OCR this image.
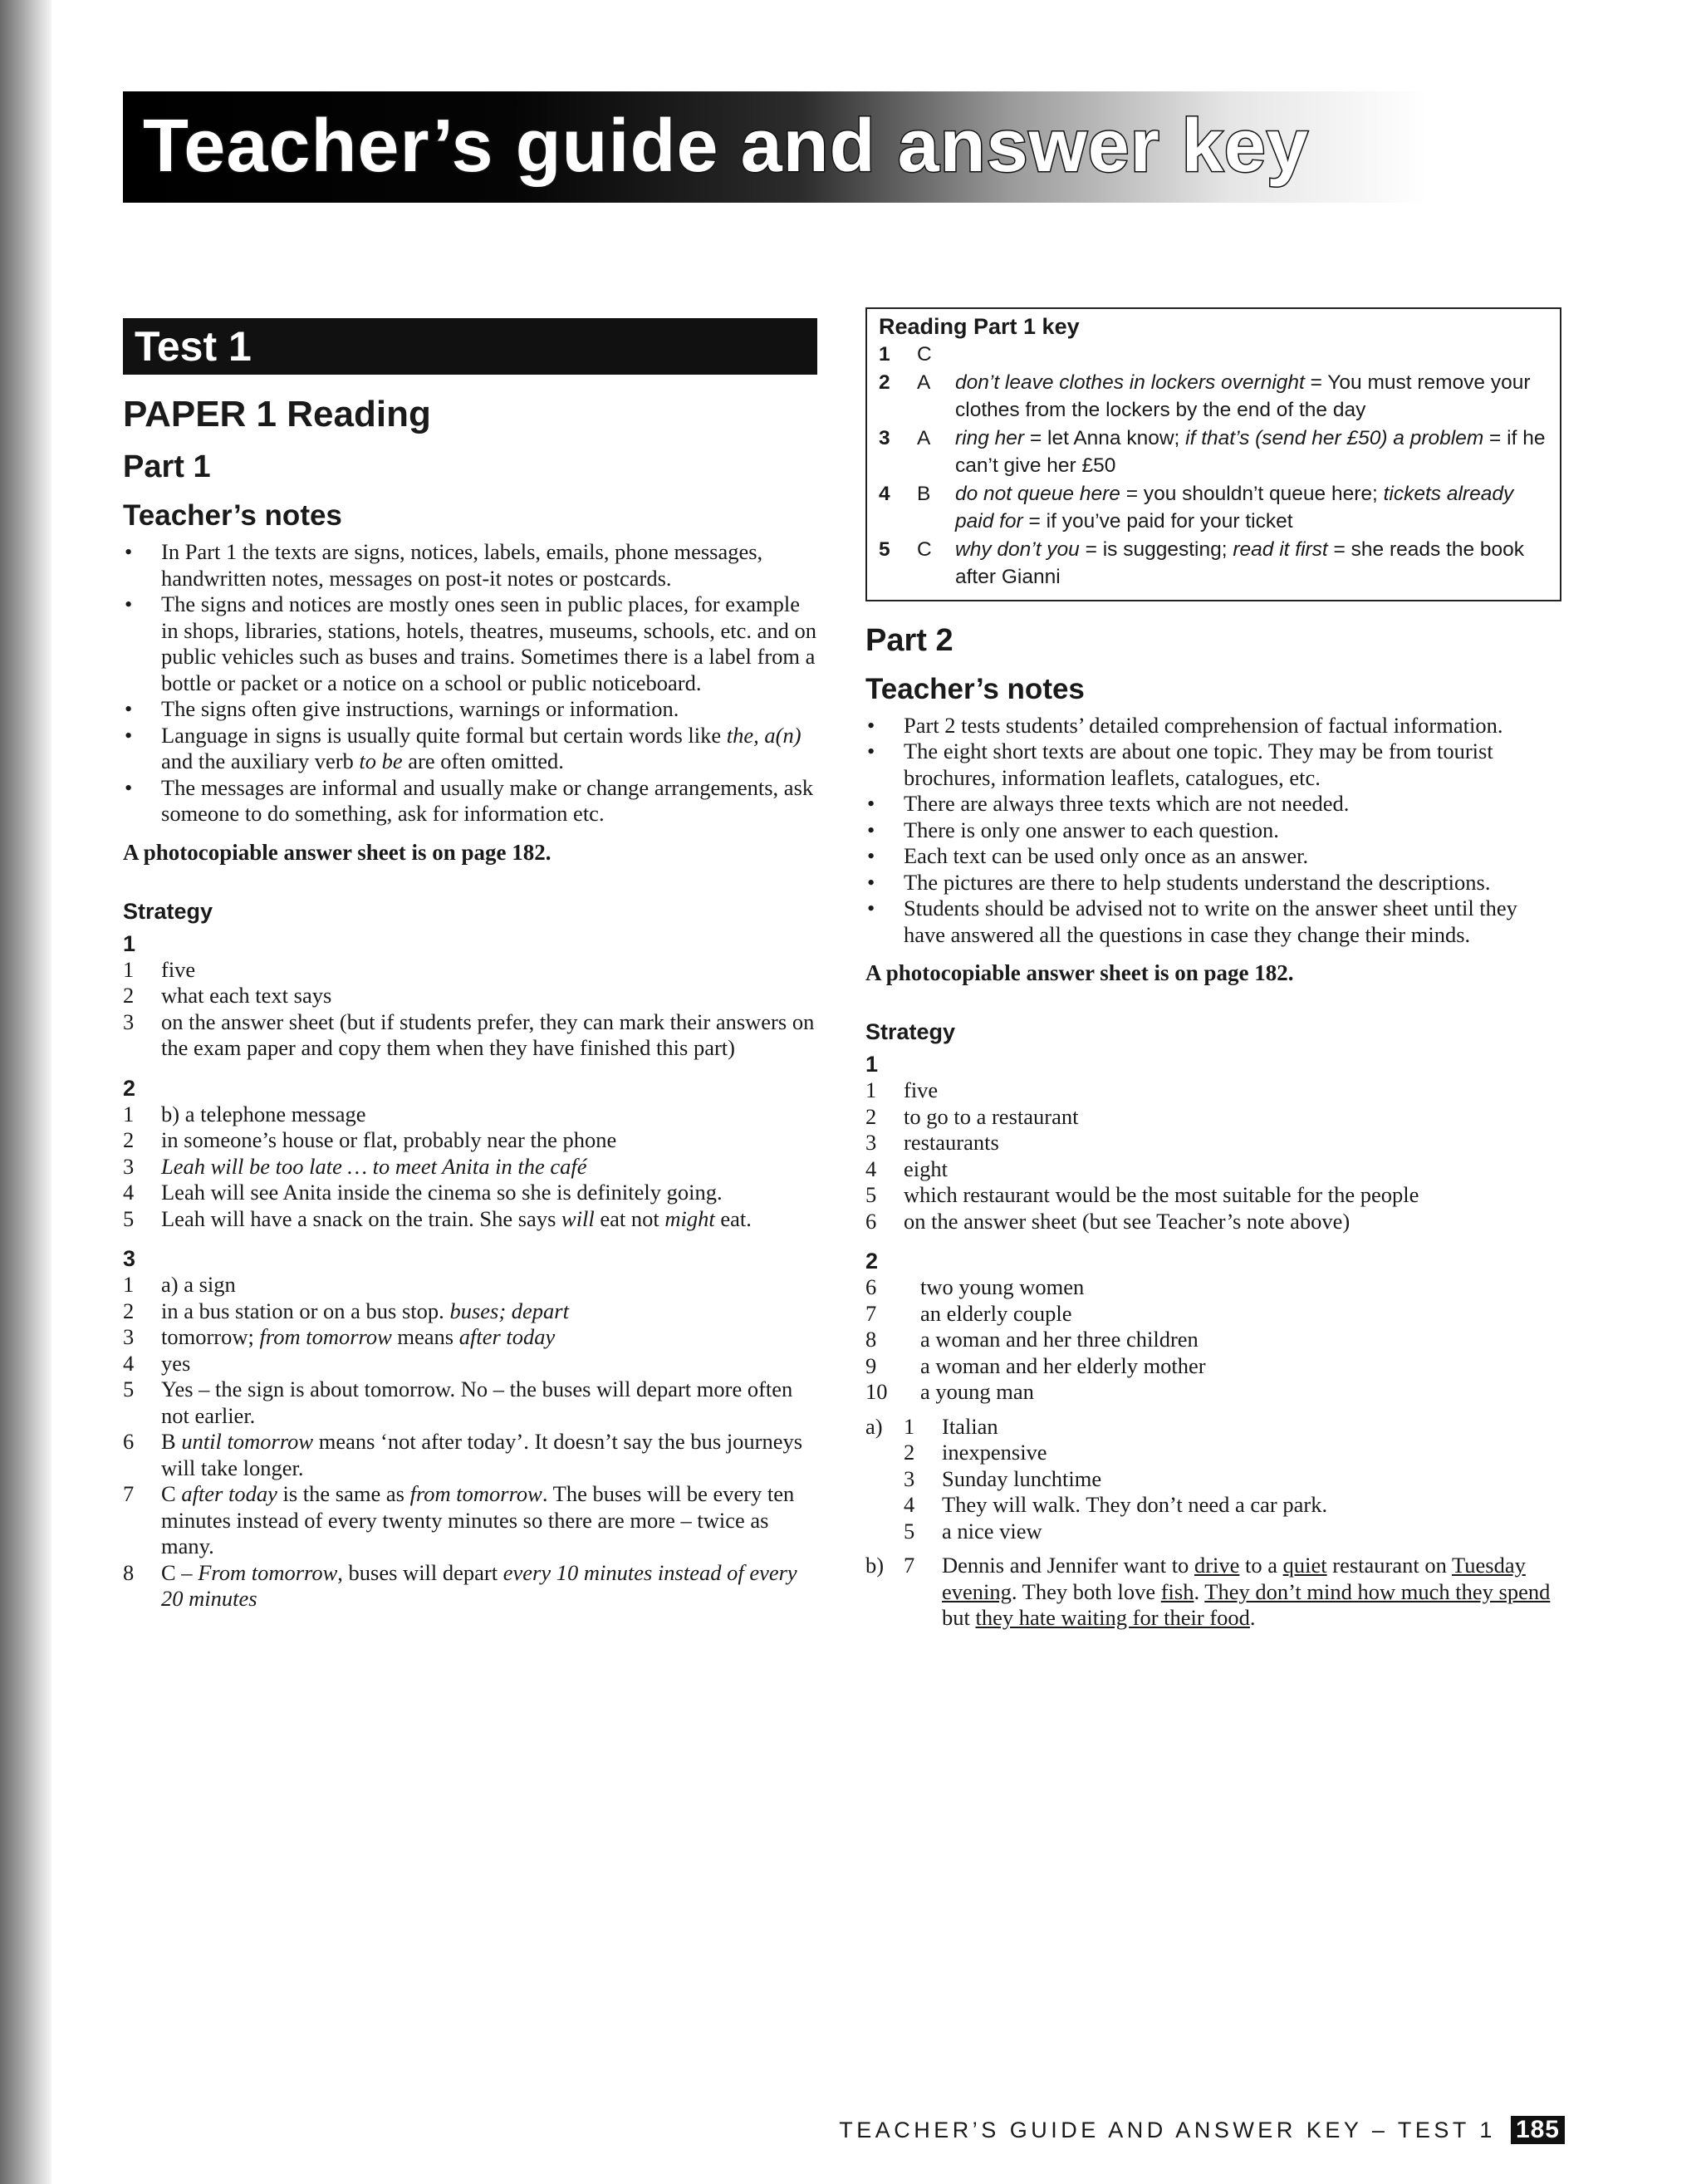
Teacher’s guide and answer key
Test 1
PAPER 1 Reading
Part 1
Teacher’s notes
• In Part 1 the texts are signs, notices, labels, emails, phone messages, handwritten notes, messages on post-it notes or postcards.
• The signs and notices are mostly ones seen in public places, for example in shops, libraries, stations, hotels, theatres, museums, schools, etc. and on public vehicles such as buses and trains. Sometimes there is a label from a bottle or packet or a notice on a school or public noticeboard.
• The signs often give instructions, warnings or information.
• Language in signs is usually quite formal but certain words like the, a(n) and the auxiliary verb to be are often omitted.
• The messages are informal and usually make or change arrangements, ask someone to do something, ask for information etc.
A photocopiable answer sheet is on page 182.
Strategy
1
1	five
2	what each text says
3	on the answer sheet (but if students prefer, they can mark their answers on the exam paper and copy them when they have finished this part)
2
1	b) a telephone message
2	in someone’s house or flat, probably near the phone
3	Leah will be too late … to meet Anita in the café
4	Leah will see Anita inside the cinema so she is definitely going.
5	Leah will have a snack on the train. She says will eat not might eat.
3
1	a) a sign
2	in a bus station or on a bus stop. buses; depart
3	tomorrow; from tomorrow means after today
4	yes
5	Yes – the sign is about tomorrow. No – the buses will depart more often not earlier.
6	B until tomorrow means ‘not after today’. It doesn’t say the bus journeys will take longer.
7	C after today is the same as from tomorrow. The buses will be every ten minutes instead of every twenty minutes so there are more – twice as many.
8	C – From tomorrow, buses will depart every 10 minutes instead of every 20 minutes
Reading Part 1 key
1	C
2	A	don’t leave clothes in lockers overnight = You must remove your clothes from the lockers by the end of the day
3	A	ring her = let Anna know; if that’s (send her £50) a problem = if he can’t give her £50
4	B	do not queue here = you shouldn’t queue here; tickets already paid for = if you’ve paid for your ticket
5	C	why don’t you = is suggesting; read it first = she reads the book after Gianni
Part 2
Teacher’s notes
• Part 2 tests students’ detailed comprehension of factual information.
• The eight short texts are about one topic. They may be from tourist brochures, information leaflets, catalogues, etc.
• There are always three texts which are not needed.
• There is only one answer to each question.
• Each text can be used only once as an answer.
• The pictures are there to help students understand the descriptions.
• Students should be advised not to write on the answer sheet until they have answered all the questions in case they change their minds.
A photocopiable answer sheet is on page 182.
Strategy
1
1	five
2	to go to a restaurant
3	restaurants
4	eight
5	which restaurant would be the most suitable for the people
6	on the answer sheet (but see Teacher’s note above)
2
6	two young women
7	an elderly couple
8	a woman and her three children
9	a woman and her elderly mother
10	a young man
a) 1	Italian
2	inexpensive
3	Sunday lunchtime
4	They will walk. They don’t need a car park.
5	a nice view
b) 7	Dennis and Jennifer want to drive to a quiet restaurant on Tuesday evening. They both love fish. They don’t mind how much they spend but they hate waiting for their food.
TEACHER’S GUIDE AND ANSWER KEY – TEST 1 185
